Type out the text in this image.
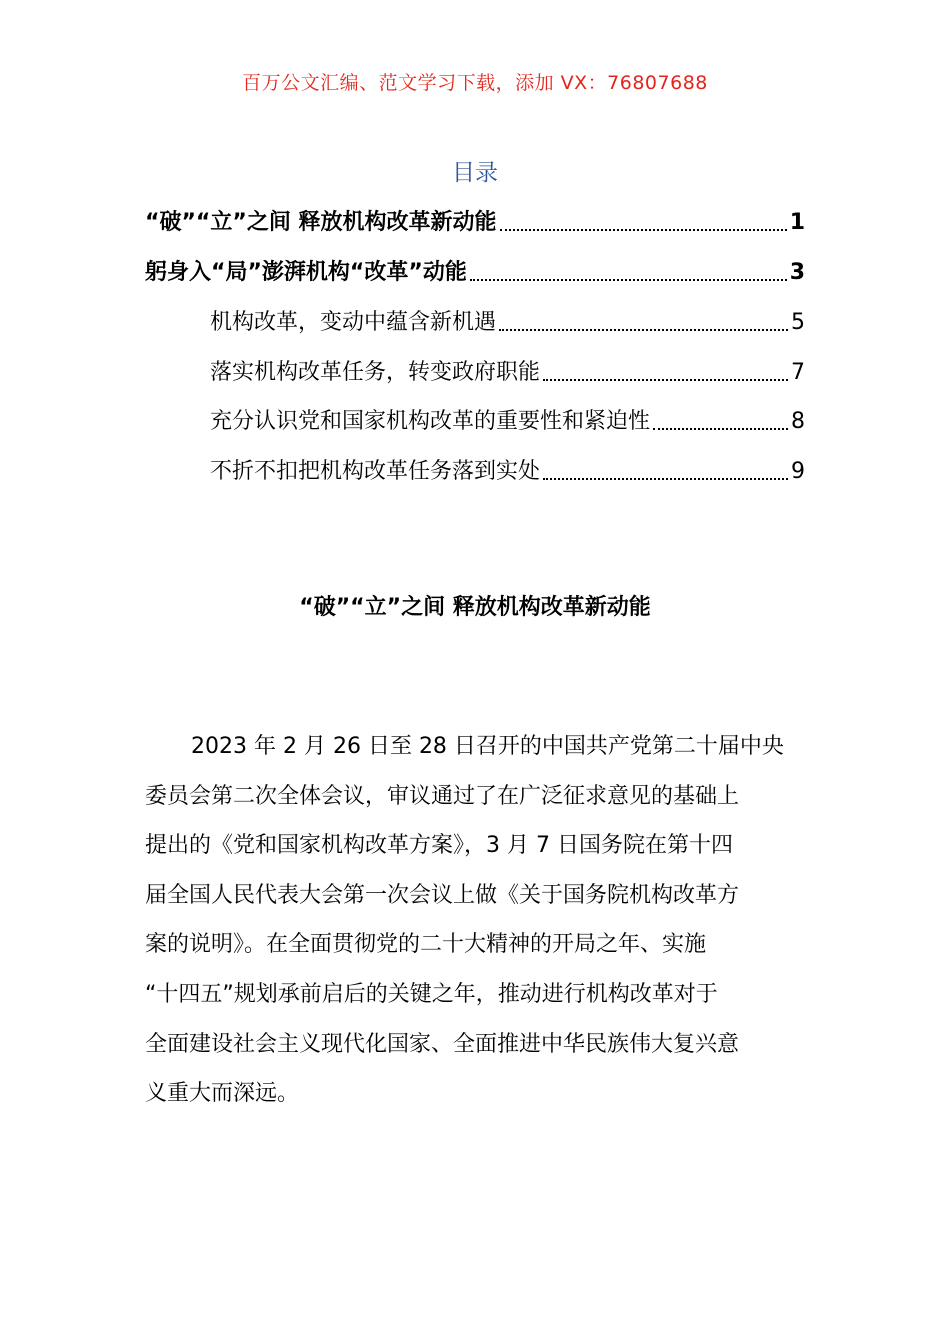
百万公文汇编、范文学习下载，添加 VX：76807688
目录
“破”“立”之间 释放机构改革新动能	1
躬身入“局”澎湃机构“改革”动能	3
机构改革，变动中蕴含新机遇	5
落实机构改革任务，转变政府职能	7
充分认识党和国家机构改革的重要性和紧迫性	8
不折不扣把机构改革任务落到实处	9
“破”“立”之间 释放机构改革新动能
2023 年 2 月 26 日至 28 日召开的中国共产党第二十届中央
委员会第二次全体会议，审议通过了在广泛征求意见的基础上
提出的《党和国家机构改革方案》，3 月 7 日国务院在第十四
届全国人民代表大会第一次会议上做《关于国务院机构改革方
案的说明》。在全面贯彻党的二十大精神的开局之年、实施
“十四五”规划承前启后的关键之年，推动进行机构改革对于
全面建设社会主义现代化国家、全面推进中华民族伟大复兴意
义重大而深远。
